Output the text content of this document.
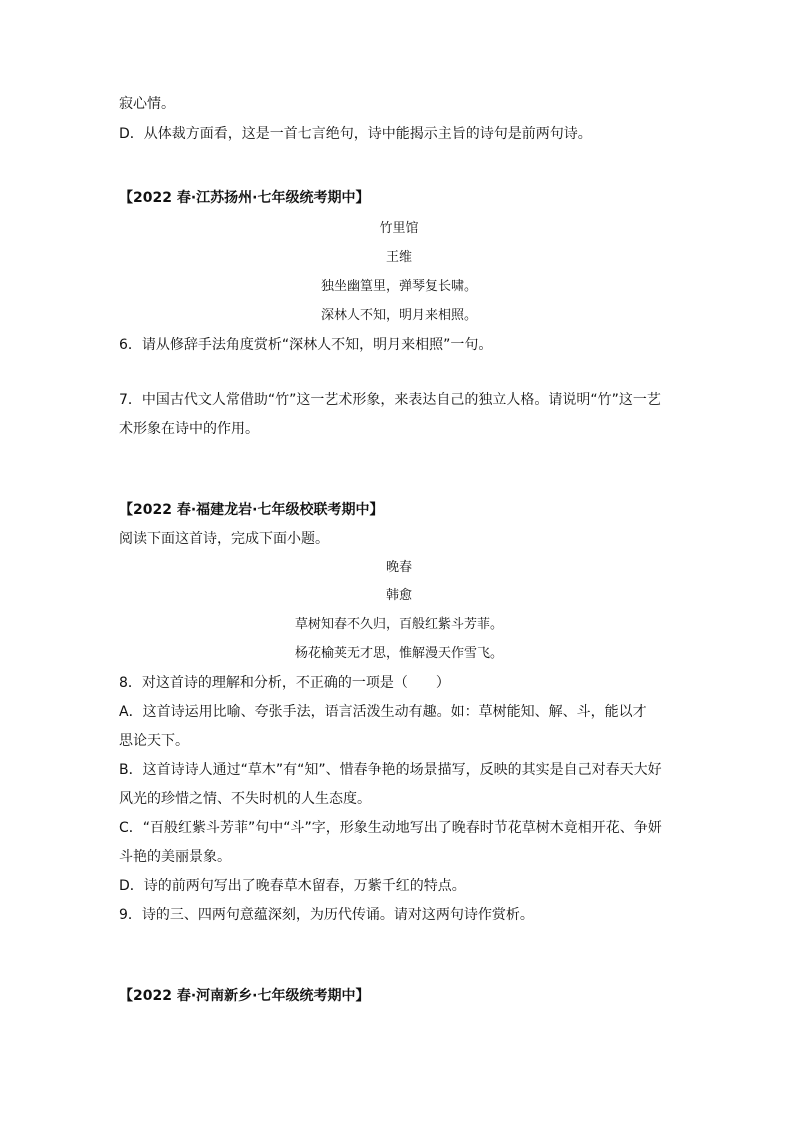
寂心情。
D．从体裁方面看，这是一首七言绝句，诗中能揭示主旨的诗句是前两句诗。
【2022 春·江苏扬州·七年级统考期中】
竹里馆
王维
独坐幽篁里，弹琴复长啸。
深林人不知，明月来相照。
6．请从修辞手法角度赏析“深林人不知，明月来相照”一句。
7．中国古代文人常借助“竹”这一艺术形象，来表达自己的独立人格。请说明“竹”这一艺
术形象在诗中的作用。
【2022 春·福建龙岩·七年级校联考期中】
阅读下面这首诗，完成下面小题。
晚春
韩愈
草树知春不久归，百般红紫斗芳菲。
杨花榆荚无才思，惟解漫天作雪飞。
8．对这首诗的理解和分析，不正确的一项是（　　）
A．这首诗运用比喻、夸张手法，语言活泼生动有趣。如：草树能知、解、斗，能以才
思论天下。
B．这首诗诗人通过“草木”有“知”、惜春争艳的场景描写，反映的其实是自己对春天大好
风光的珍惜之情、不失时机的人生态度。
C．“百般红紫斗芳菲”句中“斗”字，形象生动地写出了晚春时节花草树木竟相开花、争妍
斗艳的美丽景象。
D．诗的前两句写出了晚春草木留春，万紫千红的特点。
9．诗的三、四两句意蕴深刻，为历代传诵。请对这两句诗作赏析。
【2022 春·河南新乡·七年级统考期中】
